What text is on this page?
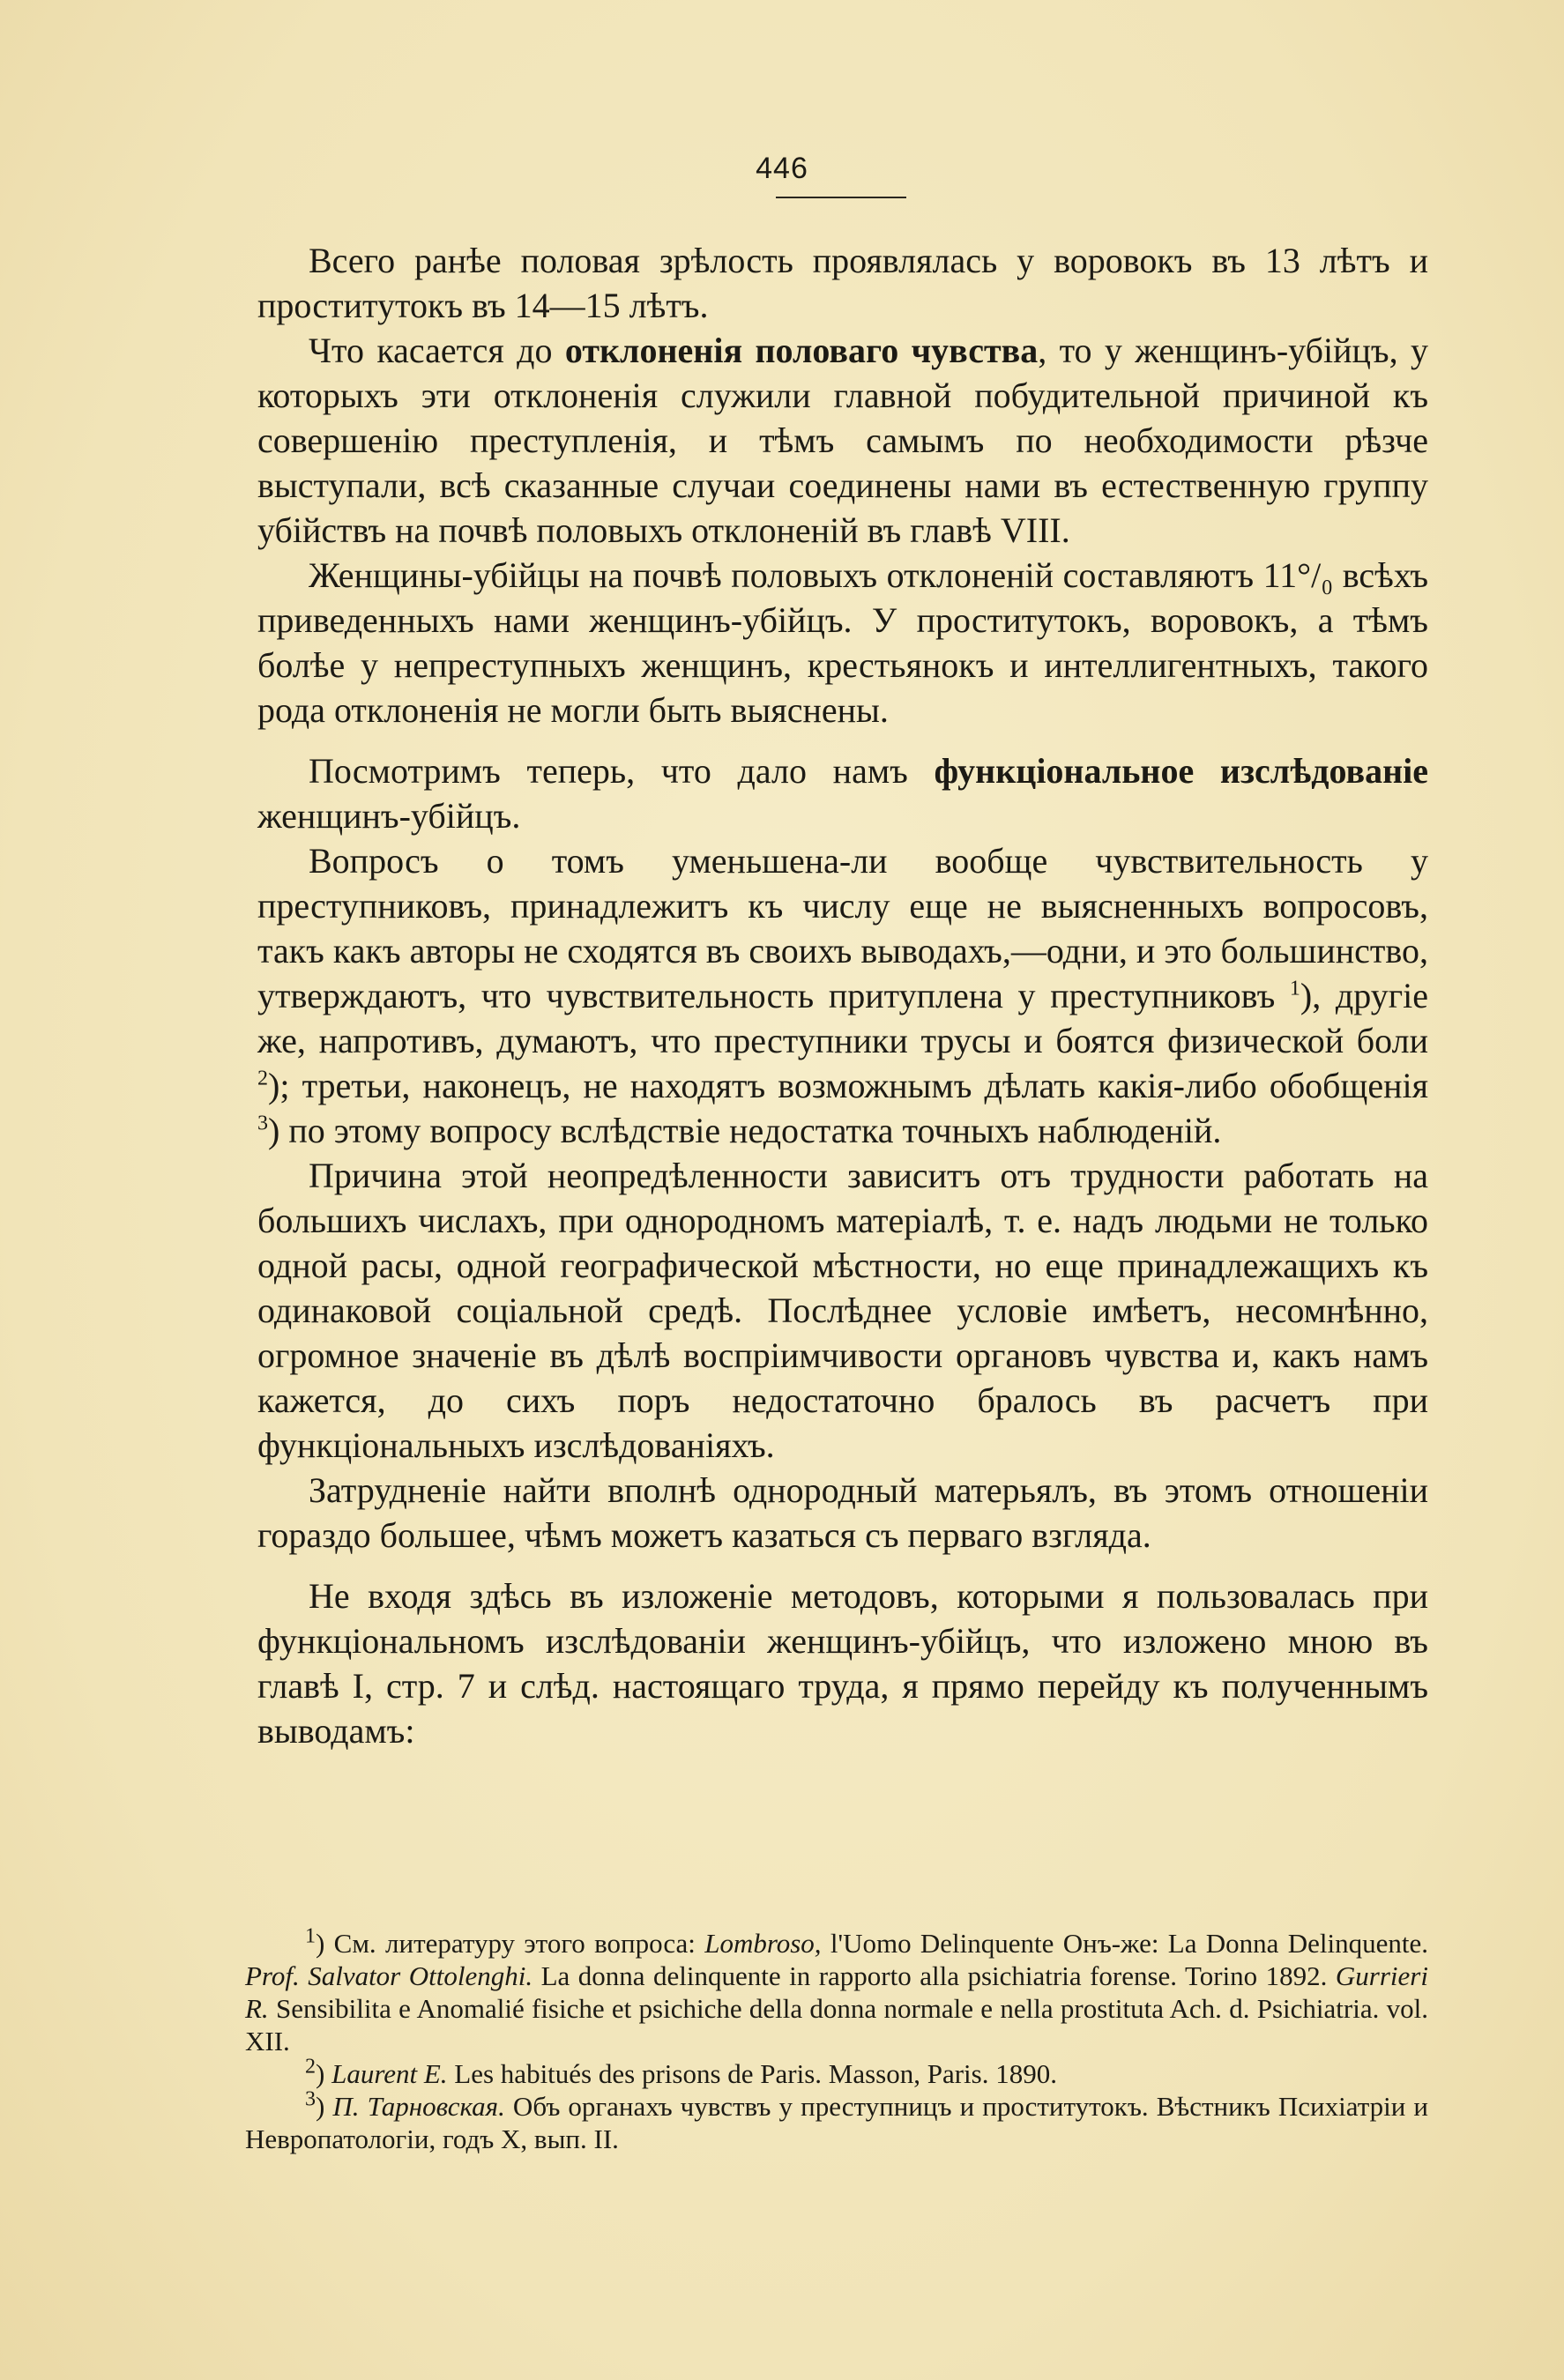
446

Всего ранѣе половая зрѣлость проявлялась у воровокъ въ 13 лѣтъ и проститутокъ въ 14—15 лѣтъ.

Что касается до отклоненія половаго чувства, то у женщинъ-убійцъ, у которыхъ эти отклоненія служили главной побудительной причиной къ совершенію преступленія, и тѣмъ самымъ по необходимости рѣзче выступали, всѣ сказанные случаи соединены нами въ естественную группу убійствъ на почвѣ половыхъ отклоненій въ главѣ VIII.

Женщины-убійцы на почвѣ половыхъ отклоненій составляютъ 11°/₀ всѣхъ приведенныхъ нами женщинъ-убійцъ. У проститутокъ, воровокъ, а тѣмъ болѣе у непреступныхъ женщинъ, крестьянокъ и интеллигентныхъ, такого рода отклоненія не могли быть выяснены.

Посмотримъ теперь, что дало намъ функціональное изслѣдованіе женщинъ-убійцъ.

Вопросъ о томъ уменьшена-ли вообще чувствительность у преступниковъ, принадлежитъ къ числу еще не выясненныхъ вопросовъ, такъ какъ авторы не сходятся въ своихъ выводахъ,—одни, и это большинство, утверждаютъ, что чувствительность притуплена у преступниковъ $^1$), другіе же, напротивъ, думаютъ, что преступники трусы и боятся физической боли $^2$); третьи, наконецъ, не находятъ возможнымъ дѣлать какія-либо обобщенія $^3$) по этому вопросу вслѣдствіе недостатка точныхъ наблюденій.

Причина этой неопредѣленности зависитъ отъ трудности работать на большихъ числахъ, при однородномъ матеріалѣ, т. е. надъ людьми не только одной расы, одной географической мѣстности, но еще принадлежащихъ къ одинаковой соціальной средѣ. Послѣднее условіе имѣетъ, несомнѣнно, огромное значеніе въ дѣлѣ воспріимчивости органовъ чувства и, какъ намъ кажется, до сихъ поръ недостаточно бралось въ расчетъ при функціональныхъ изслѣдованіяхъ.

Затрудненіе найти вполнѣ однородный матерьялъ, въ этомъ отношеніи гораздо большее, чѣмъ можетъ казаться съ перваго взгляда.

Не входя здѣсь въ изложеніе методовъ, которыми я пользовалась при функціональномъ изслѣдованіи женщинъ-убійцъ, что изложено мною въ главѣ I, стр. 7 и слѣд. настоящаго труда, я прямо перейду къ полученнымъ выводамъ:

$^1$) См. литературу этого вопроса: Lombroso, l'Uomo Delinquente Онъ-же: La Donna Delinquente. Prof. Salvator Ottolenghi. La donna delinquente in rapporto alla psichiatria forense. Torino 1892. Gurrieri R. Sensibilita e Anomalié fisiche et psichiche della donna normale e nella prostituta Ach. d. Psichiatria. vol. XII.

$^2$) Laurent E. Les habitués des prisons de Paris. Masson, Paris. 1890.

$^3$) П. Тарновская. Объ органахъ чувствъ у преступницъ и проститутокъ. Вѣстникъ Психіатріи и Невропатологіи, годъ X, вып. II.
